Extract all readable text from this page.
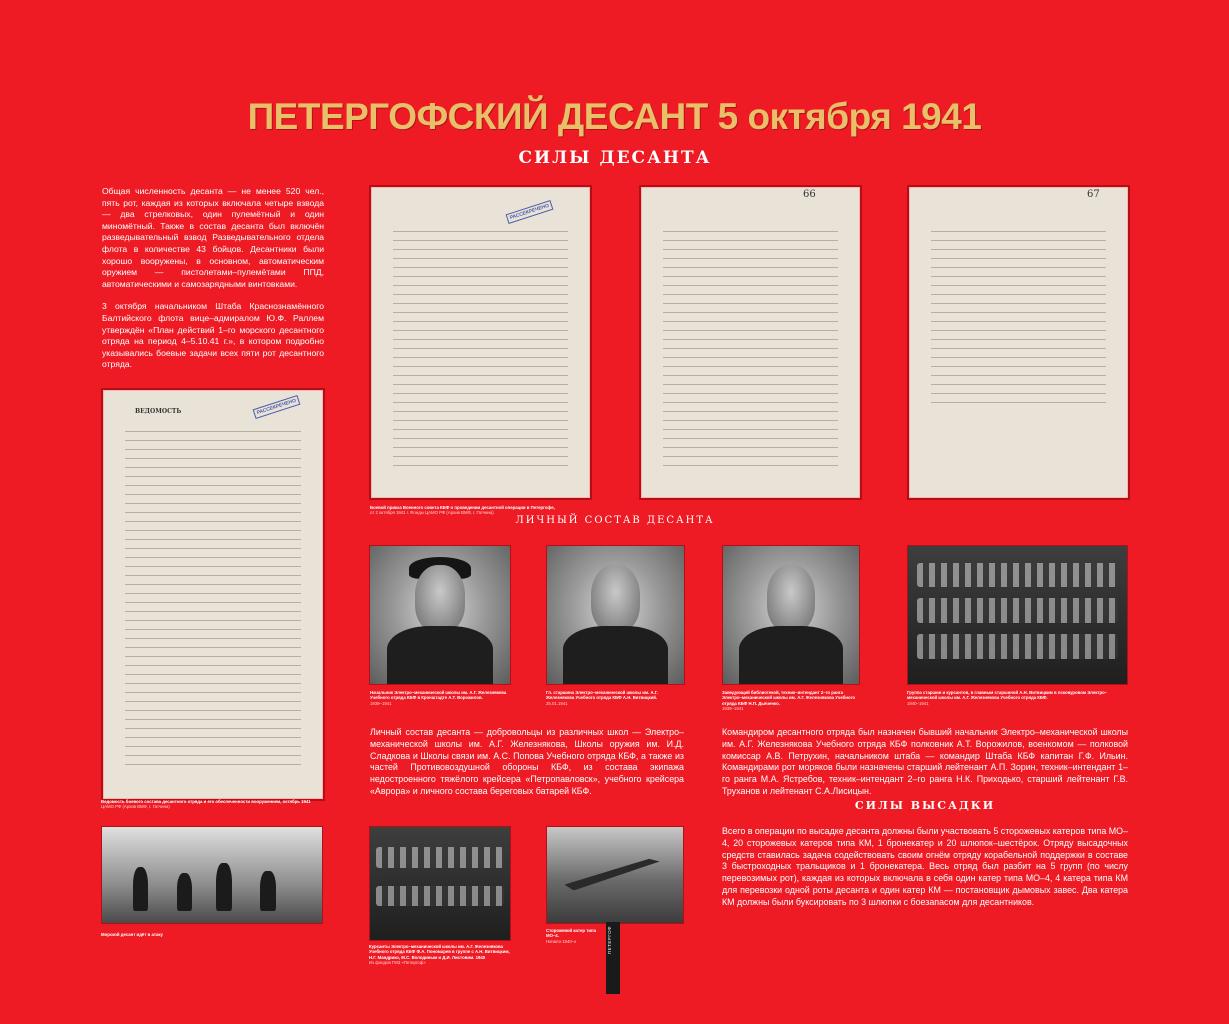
ПЕТЕРГОФСКИЙ ДЕСАНТ 5 октября 1941
СИЛЫ ДЕСАНТА

Общая численность десанта — не менее 520 чел., пять рот, каждая из которых включала четыре взвода — два стрелковых, один пулемётный и один миномётный. Также в состав десанта был включён разведывательный взвод Разведывательного отдела флота в количестве 43 бойцов. Десантники были хорошо вооружены, в основном, автоматическим оружием — пистолетами–пулемётами ППД, автоматическими и самозарядными винтовками.

3 октября начальником Штаба Краснознамённого Балтийского флота вице–адмиралом Ю.Ф. Раллем утверждён «План действий 1–го морского десантного отряда на период 4–5.10.41 г.», в котором подробно указывались боевые задачи всех пяти рот десантного отряда.

РАССЕКРЕЧЕНО

Боевой приказ Военного совета КБФ о проведении десантной операции в Петергофе,

от 2 октября 1941 г. Фонды ЦАМО РФ (Архив ВМФ, г. Гатчина)

66	67
ВЕДОМОСТЬ	РАССЕКРЕЧЕНО

Ведомость боевого состава десантного отряда и его обеспеченности вооружением, октябрь 1941

ЦАМО РФ (Архив ВМФ, г. Гатчина)

ЛИЧНЫЙ СОСТАВ ДЕСАНТА

Начальник Электро–механической школы им. А.Г. Железнякова Учебного отряда КБФ в Кронштадте А.Т. Ворожилов.

1939–1941

Гл. старшина Электро–механической школы им. А.Г. Железнякова Учебного отряда КБФ А.Н. Витвицкий.

25.01.1941

Заведующий библиотекой, техник–интендант 2–го ранга Электро–механической школы им. А.Г. Железнякова Учебного отряда КБФ Н.П. Дьяченко.

1939–1941

Группа старшин и курсантов, в главным старшиной А.Н. Витвицким в псковуровом Электро–механической школы им. А.Г. Железнякова Учебного отряда КБФ.

1940–1941

Личный состав десанта — добровольцы из различных школ — Электро–механической школы им. А.Г. Железнякова, Школы оружия им. И.Д. Сладкова и Школы связи им. А.С. Попова Учебного отряда КБФ, а также из частей Противовоздушной обороны КБФ, из состава экипажа недостроенного тяжёлого крейсера «Петропавловск», учебного крейсера «Аврора» и личного состава береговых батарей КБФ.

Командиром десантного отряда был назначен бывший начальник Электро–механической школы им. А.Г. Железнякова Учебного отряда КБФ полковник А.Т. Ворожилов, военкомом — полковой комиссар А.В. Петрухин, начальником штаба — командир Штаба КБФ капитан Г.Ф. Ильин. Командирами рот моряков были назначены старший лейтенант А.П. Зорин, техник–интендант 1–го ранга М.А. Ястребов, техник–интендант 2–го ранга Н.К. Приходько, старший лейтенант Г.В. Труханов и лейтенант С.А.Лисицын.

СИЛЫ ВЫСАДКИ

Всего в операции по высадке десанта должны были участвовать 5 сторожевых катеров типа МО–4, 20 сторожевых катеров типа КМ, 1 бронекатер и 20 шлюпок–шестёрок. Отряду высадочных средств ставилась задача содействовать своим огнём отряду корабельной поддержки в составе 3 быстроходных тральщиков и 1 бронекатера. Весь отряд был разбит на 5 групп (по числу перевозимых рот), каждая из которых включала в себя один катер типа МО–4, 4 катера типа КМ для перевозки одной роты десанта и один катер КМ — постановщик дымовых завес. Два катера КМ должны были буксировать по 3 шлюпки с боезапасом для десантников.

Морской десант идёт в атаку

Курсанты Электро–механической школы им. А.Г. Железнякова Учебного отряда КБФ Ф.А. Пономарев в группе с А.Н. Витвицким, Н.Г. Мандрико, М.С. Володиным и Д.И. Листовим. 1940

Из фондов ГМЗ «Петергоф»

Сторожевой катер типа МО–4.

Начало 1940–х	ПЕТЕРГОФ
